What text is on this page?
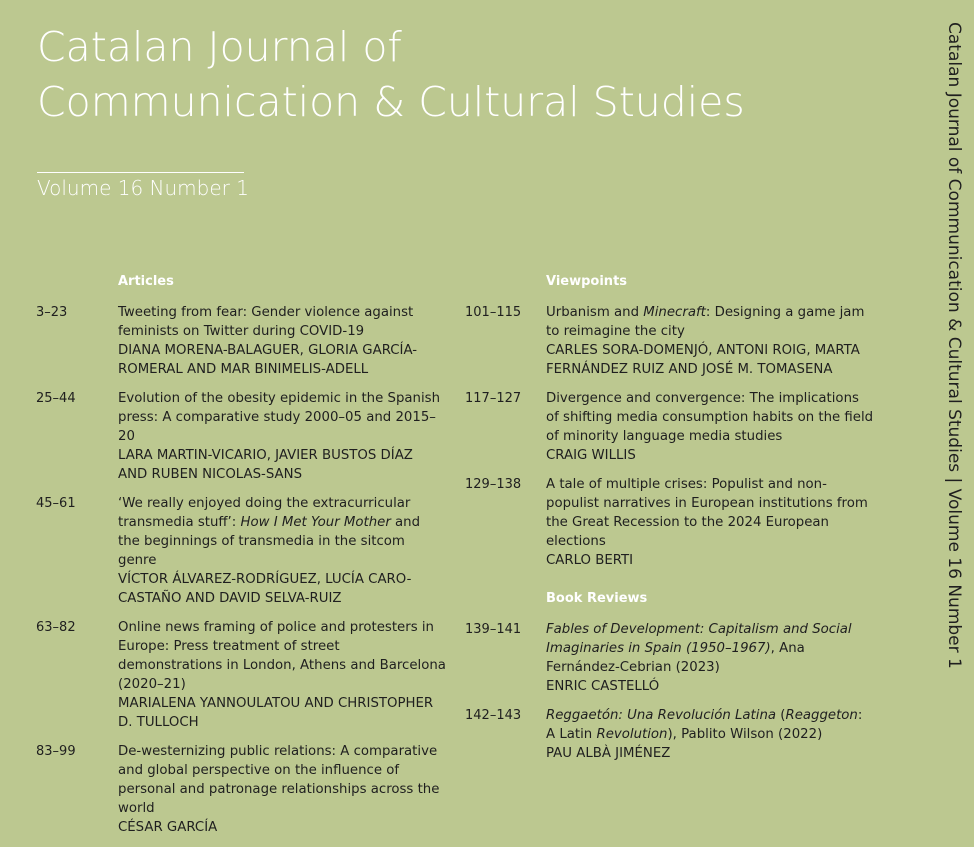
Catalan Journal of
Communication & Cultural Studies
Volume 16 Number 1	Catalan Journal of Communication & Cultural Studies | Volume 16 Number 1
Articles
3–23	Tweeting from fear: Gender violence against feminists on Twitter during COVID-19
DIANA MORENA-BALAGUER, GLORIA GARCÍA-ROMERAL AND MAR BINIMELIS-ADELL
25–44	Evolution of the obesity epidemic in the Spanish press: A comparative study 2000–05 and 2015–20
LARA MARTIN-VICARIO, JAVIER BUSTOS DÍAZ AND RUBEN NICOLAS-SANS
45–61	‘We really enjoyed doing the extracurricular transmedia stuff’: How I Met Your Mother and the beginnings of transmedia in the sitcom genre
VÍCTOR ÁLVAREZ-RODRÍGUEZ, LUCÍA CARO-CASTAÑO AND DAVID SELVA-RUIZ
63–82	Online news framing of police and protesters in Europe: Press treatment of street demonstrations in London, Athens and Barcelona (2020–21)
MARIALENA YANNOULATOU AND CHRISTOPHER D. TULLOCH
83–99	De-westernizing public relations: A comparative and global perspective on the influence of personal and patronage relationships across the world
CÉSAR GARCÍA
Viewpoints
101–115	Urbanism and Minecraft: Designing a game jam to reimagine the city
CARLES SORA-DOMENJÓ, ANTONI ROIG, MARTA FERNÁNDEZ RUIZ AND JOSÉ M. TOMASENA
117–127	Divergence and convergence: The implications of shifting media consumption habits on the field of minority language media studies
CRAIG WILLIS
129–138	A tale of multiple crises: Populist and non-populist narratives in European institutions from the Great Recession to the 2024 European elections
CARLO BERTI
Book Reviews
139–141	Fables of Development: Capitalism and Social Imaginaries in Spain (1950–1967), Ana Fernández-Cebrian (2023)
ENRIC CASTELLÓ
142–143	Reggaetón: Una Revolución Latina (Reaggeton: A Latin Revolution), Pablito Wilson (2022)
PAU ALBÀ JIMÉNEZ
